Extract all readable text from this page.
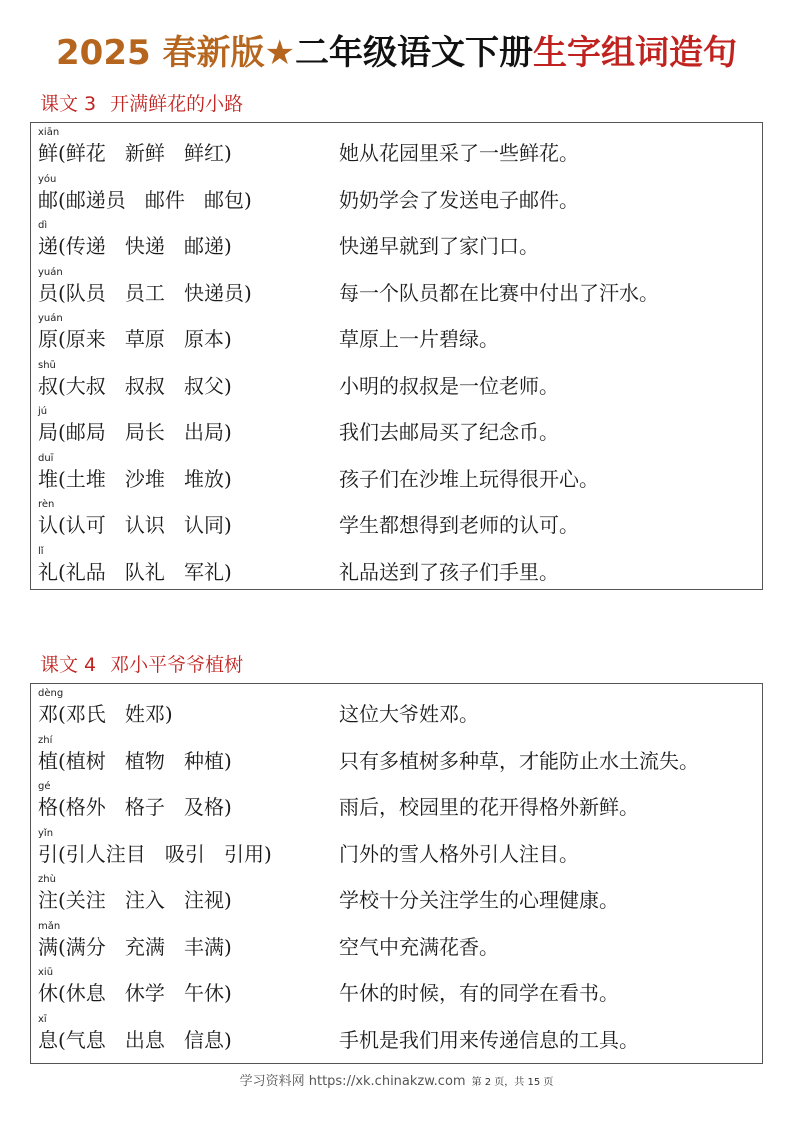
2025 春新版★二年级语文下册生字组词造句
课文 3 开满鲜花的小路
xiān
鲜(鲜花   新鲜   鲜红)	她从花园里采了一些鲜花。
yóu
邮(邮递员   邮件   邮包)	奶奶学会了发送电子邮件。
dì
递(传递   快递   邮递)	快递早就到了家门口。
yuán
员(队员   员工   快递员)	每一个队员都在比赛中付出了汗水。
yuán
原(原来   草原   原本)	草原上一片碧绿。
shū
叔(大叔   叔叔   叔父)	小明的叔叔是一位老师。
jú
局(邮局   局长   出局)	我们去邮局买了纪念币。
duī
堆(土堆   沙堆   堆放)	孩子们在沙堆上玩得很开心。
rèn
认(认可   认识   认同)	学生都想得到老师的认可。
lǐ
礼(礼品   队礼   军礼)	礼品送到了孩子们手里。
课文 4 邓小平爷爷植树
dèng
邓(邓氏   姓邓)	这位大爷姓邓。
zhí
植(植树   植物   种植)	只有多植树多种草，才能防止水土流失。
gé
格(格外   格子   及格)	雨后，校园里的花开得格外新鲜。
yǐn
引(引人注目   吸引   引用)	门外的雪人格外引人注目。
zhù
注(关注   注入   注视)	学校十分关注学生的心理健康。
mǎn
满(满分   充满   丰满)	空气中充满花香。
xiū
休(休息   休学   午休)	午休的时候，有的同学在看书。
xī
息(气息   出息   信息)	手机是我们用来传递信息的工具。
学习资料网 https://xk.chinakzw.com 第 2 页，共 15 页
